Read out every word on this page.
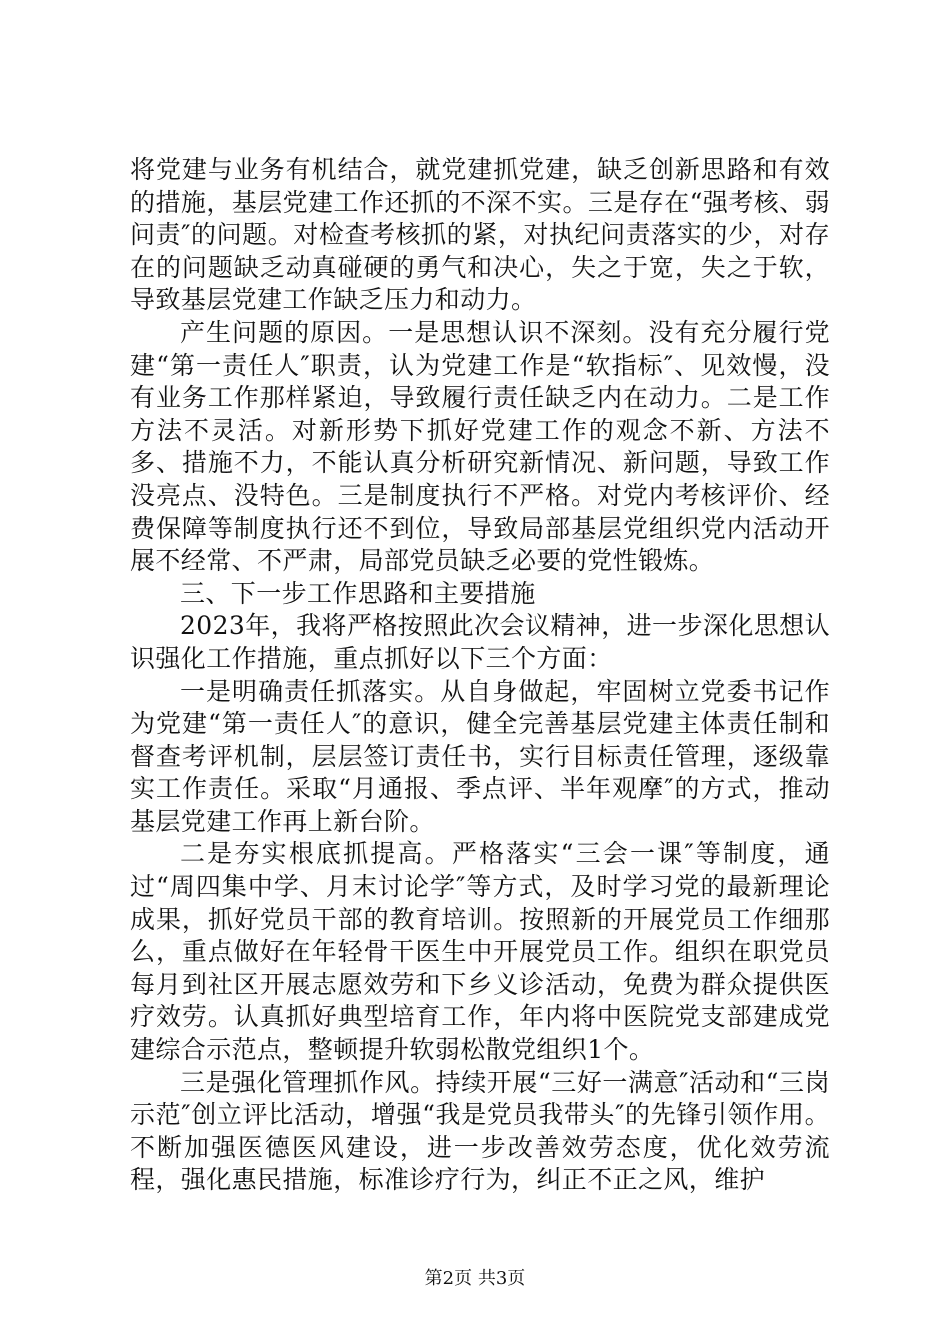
将党建与业务有机结合，就党建抓党建，缺乏创新思路和有效的措施，基层党建工作还抓的不深不实。三是存在“强考核、弱问责″的问题。对检查考核抓的紧，对执纪问责落实的少，对存在的问题缺乏动真碰硬的勇气和决心，失之于宽，失之于软，导致基层党建工作缺乏压力和动力。

产生问题的原因。一是思想认识不深刻。没有充分履行党建“第一责任人″职责，认为党建工作是“软指标″、见效慢，没有业务工作那样紧迫，导致履行责任缺乏内在动力。二是工作方法不灵活。对新形势下抓好党建工作的观念不新、方法不多、措施不力，不能认真分析研究新情况、新问题，导致工作没亮点、没特色。三是制度执行不严格。对党内考核评价、经费保障等制度执行还不到位，导致局部基层党组织党内活动开展不经常、不严肃，局部党员缺乏必要的党性锻炼。

三、下一步工作思路和主要措施

2023年，我将严格按照此次会议精神，进一步深化思想认识强化工作措施，重点抓好以下三个方面：

一是明确责任抓落实。从自身做起，牢固树立党委书记作为党建“第一责任人″的意识，健全完善基层党建主体责任制和督查考评机制，层层签订责任书，实行目标责任管理，逐级靠实工作责任。采取“月通报、季点评、半年观摩″的方式，推动基层党建工作再上新台阶。

二是夯实根底抓提高。严格落实“三会一课″等制度，通过“周四集中学、月末讨论学″等方式，及时学习党的最新理论成果，抓好党员干部的教育培训。按照新的开展党员工作细那么，重点做好在年轻骨干医生中开展党员工作。组织在职党员每月到社区开展志愿效劳和下乡义诊活动，免费为群众提供医疗效劳。认真抓好典型培育工作，年内将中医院党支部建成党建综合示范点，整顿提升软弱松散党组织1个。

三是强化管理抓作风。持续开展“三好一满意″活动和“三岗示范″创立评比活动，增强“我是党员我带头″的先锋引领作用。不断加强医德医风建设，进一步改善效劳态度，优化效劳流程，强化惠民措施，标准诊疗行为，纠正不正之风，维护

第2页 共3页
